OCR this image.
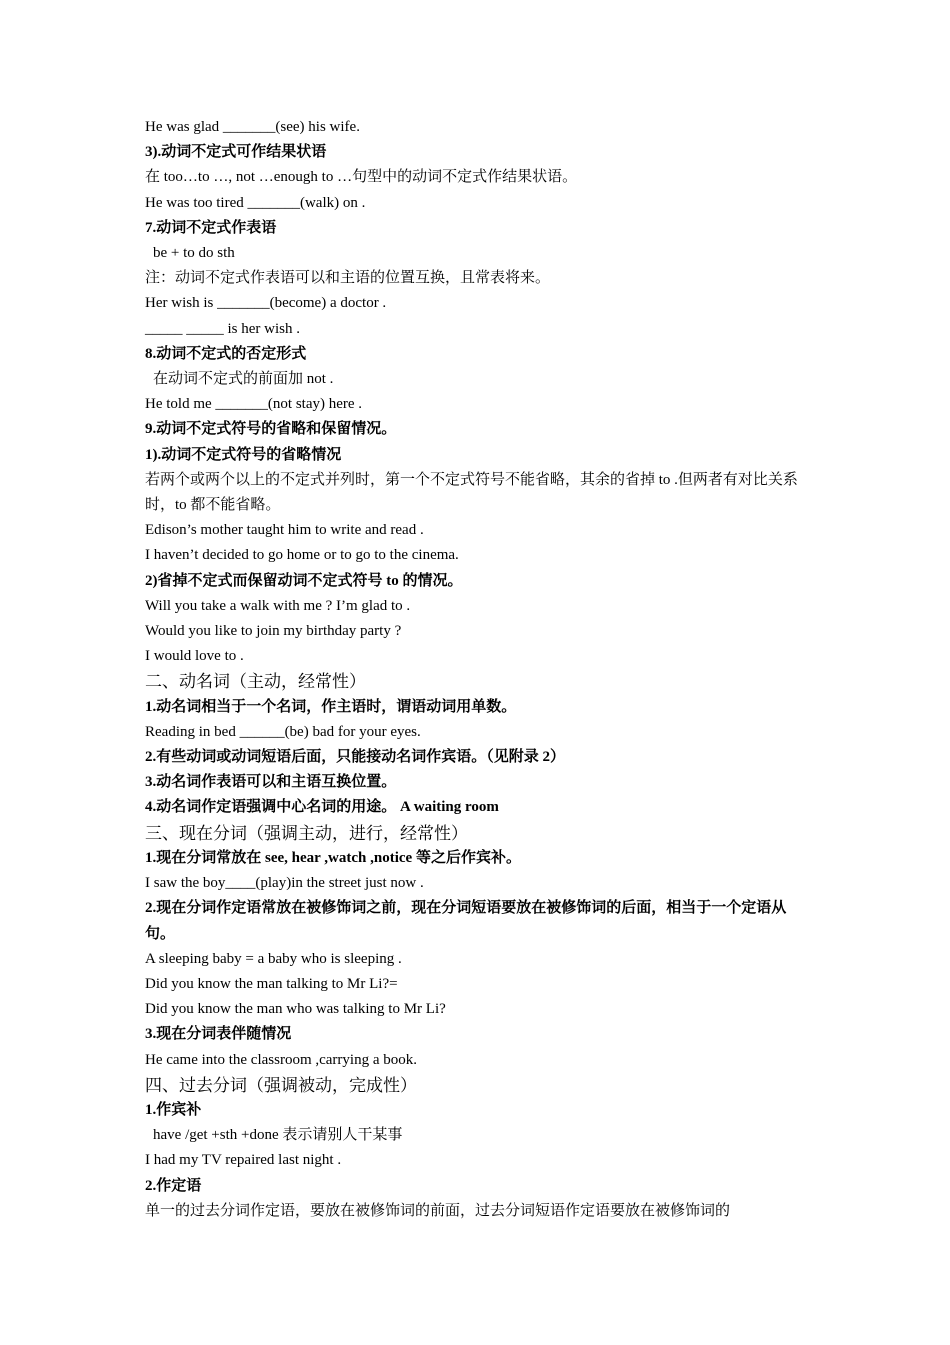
He was glad _______(see) his wife.

3).动词不定式可作结果状语

在 too…to …, not …enough to …句型中的动词不定式作结果状语。

He was too tired _______(walk) on .

7.动词不定式作表语

be + to do sth

注：动词不定式作表语可以和主语的位置互换，且常表将来。

Her wish is _______(become) a doctor .

_____ _____ is her wish .

8.动词不定式的否定形式

在动词不定式的前面加 not .

He told me _______(not stay) here .

9.动词不定式符号的省略和保留情况。

1).动词不定式符号的省略情况

若两个或两个以上的不定式并列时，第一个不定式符号不能省略，其余的省掉 to .但两者有对比关系时，to 都不能省略。

Edison’s mother taught him to write and read .

I haven’t decided to go home or to go to the cinema.

2)省掉不定式而保留动词不定式符号 to 的情况。

Will you take a walk with me ? I’m glad to .

Would you like to join my birthday party ?

I would love to .

二、动名词（主动，经常性）

1.动名词相当于一个名词，作主语时，谓语动词用单数。

Reading in bed ______(be) bad for your eyes.

2.有些动词或动词短语后面，只能接动名词作宾语。（见附录 2）

3.动名词作表语可以和主语互换位置。

4.动名词作定语强调中心名词的用途。 A waiting room

三、现在分词（强调主动，进行，经常性）

1.现在分词常放在 see, hear ,watch ,notice 等之后作宾补。

I saw the boy____(play)in the street just now .

2.现在分词作定语常放在被修饰词之前，现在分词短语要放在被修饰词的后面，相当于一个定语从句。

A sleeping baby = a baby who is sleeping .

Did you know the man talking to Mr Li?=

Did you know the man who was talking to Mr Li?

3.现在分词表伴随情况

He came into the classroom ,carrying a book.

四、过去分词（强调被动，完成性）

1.作宾补

have /get +sth +done 表示请别人干某事

I had my TV repaired last night .

2.作定语

单一的过去分词作定语，要放在被修饰词的前面，过去分词短语作定语要放在被修饰词的
